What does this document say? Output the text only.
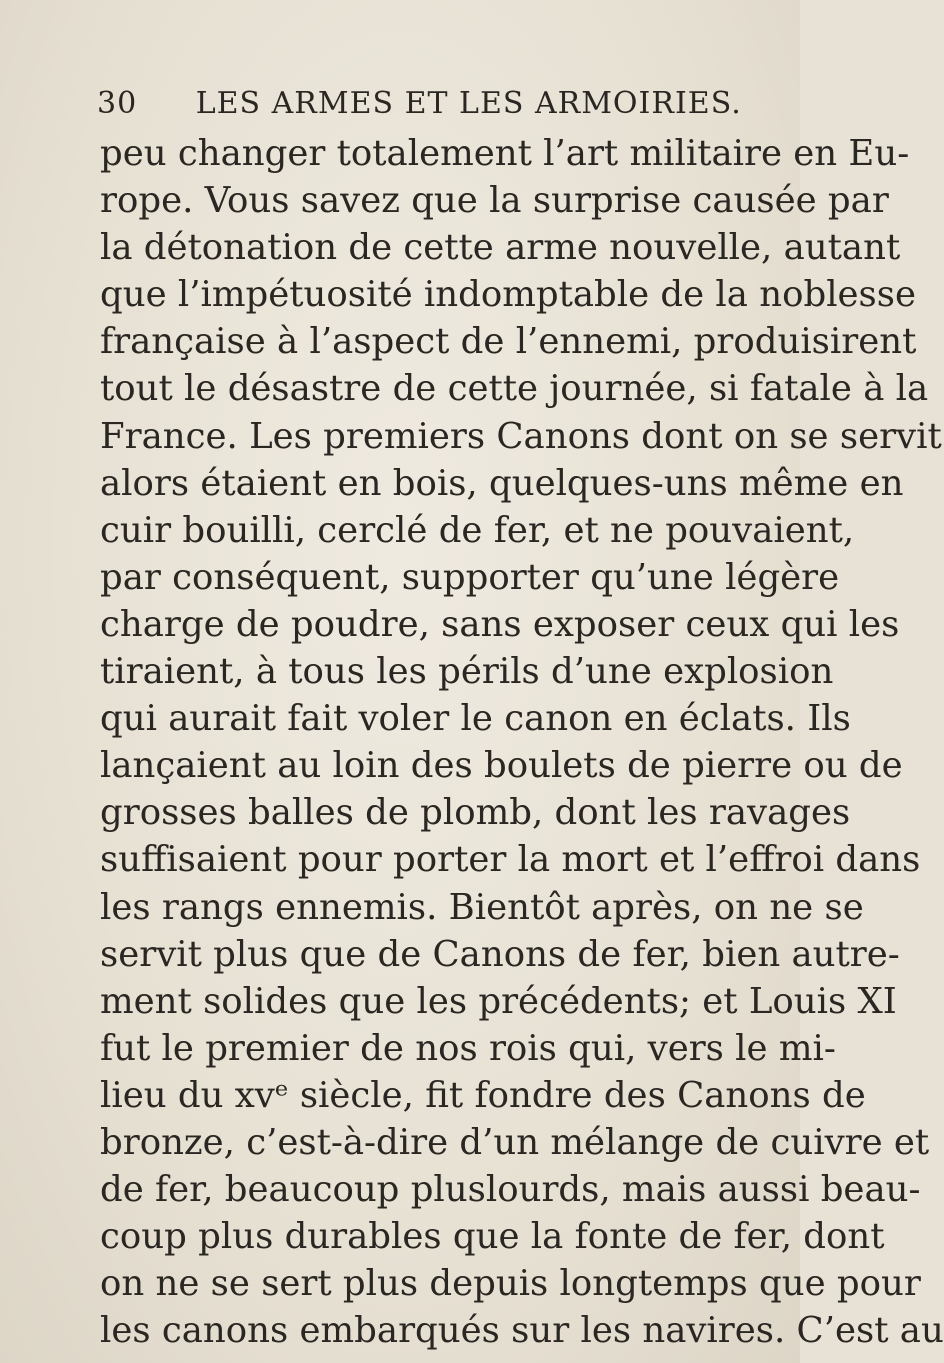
30 LES ARMES ET LES ARMOIRIES.
peu changer totalement l’art militaire en Eu-
rope. Vous savez que la surprise causée par
la détonation de cette arme nouvelle, autant
que l’impétuosité indomptable de la noblesse
française à l’aspect de l’ennemi, produisirent
tout le désastre de cette journée, si fatale à la
France. Les premiers Canons dont on se servit
alors étaient en bois, quelques-uns même en
cuir bouilli, cerclé de fer, et ne pouvaient,
par conséquent, supporter qu’une légère
charge de poudre, sans exposer ceux qui les
tiraient, à tous les périls d’une explosion
qui aurait fait voler le canon en éclats. Ils
lançaient au loin des boulets de pierre ou de
grosses balles de plomb, dont les ravages
suffisaient pour porter la mort et l’effroi dans
les rangs ennemis. Bientôt après, on ne se
servit plus que de Canons de fer, bien autre-
ment solides que les précédents; et Louis XI
fut le premier de nos rois qui, vers le mi-
lieu du xvᵉ siècle, fit fondre des Canons de
bronze, c’est-à-dire d’un mélange de cuivre et
de fer, beaucoup pluslourds, mais aussi beau-
coup plus durables que la fonte de fer, dont
on ne se sert plus depuis longtemps que pour
les canons embarqués sur les navires. C’est au
